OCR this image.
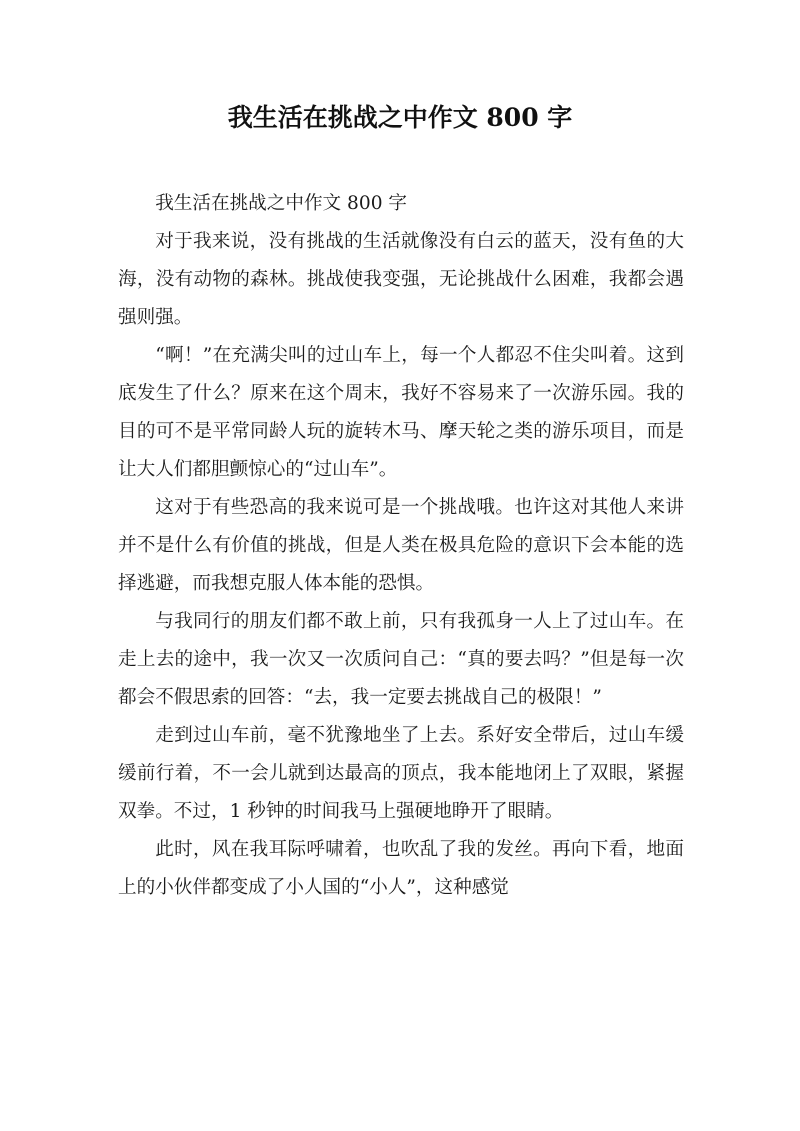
我生活在挑战之中作文 800 字

我生活在挑战之中作文 800 字

对于我来说，没有挑战的生活就像没有白云的蓝天，没有鱼的大海，没有动物的森林。挑战使我变强，无论挑战什么困难，我都会遇强则强。

“啊！”在充满尖叫的过山车上，每一个人都忍不住尖叫着。这到底发生了什么？原来在这个周末，我好不容易来了一次游乐园。我的目的可不是平常同龄人玩的旋转木马、摩天轮之类的游乐项目，而是让大人们都胆颤惊心的“过山车”。

这对于有些恐高的我来说可是一个挑战哦。也许这对其他人来讲并不是什么有价值的挑战，但是人类在极具危险的意识下会本能的选择逃避，而我想克服人体本能的恐惧。

与我同行的朋友们都不敢上前，只有我孤身一人上了过山车。在走上去的途中，我一次又一次质问自己：“真的要去吗？”但是每一次都会不假思索的回答：“去，我一定要去挑战自己的极限！”

走到过山车前，毫不犹豫地坐了上去。系好安全带后，过山车缓缓前行着，不一会儿就到达最高的顶点，我本能地闭上了双眼，紧握双拳。不过，1 秒钟的时间我马上强硬地睁开了眼睛。

此时，风在我耳际呼啸着，也吹乱了我的发丝。再向下看，地面上的小伙伴都变成了小人国的“小人”，这种感觉
